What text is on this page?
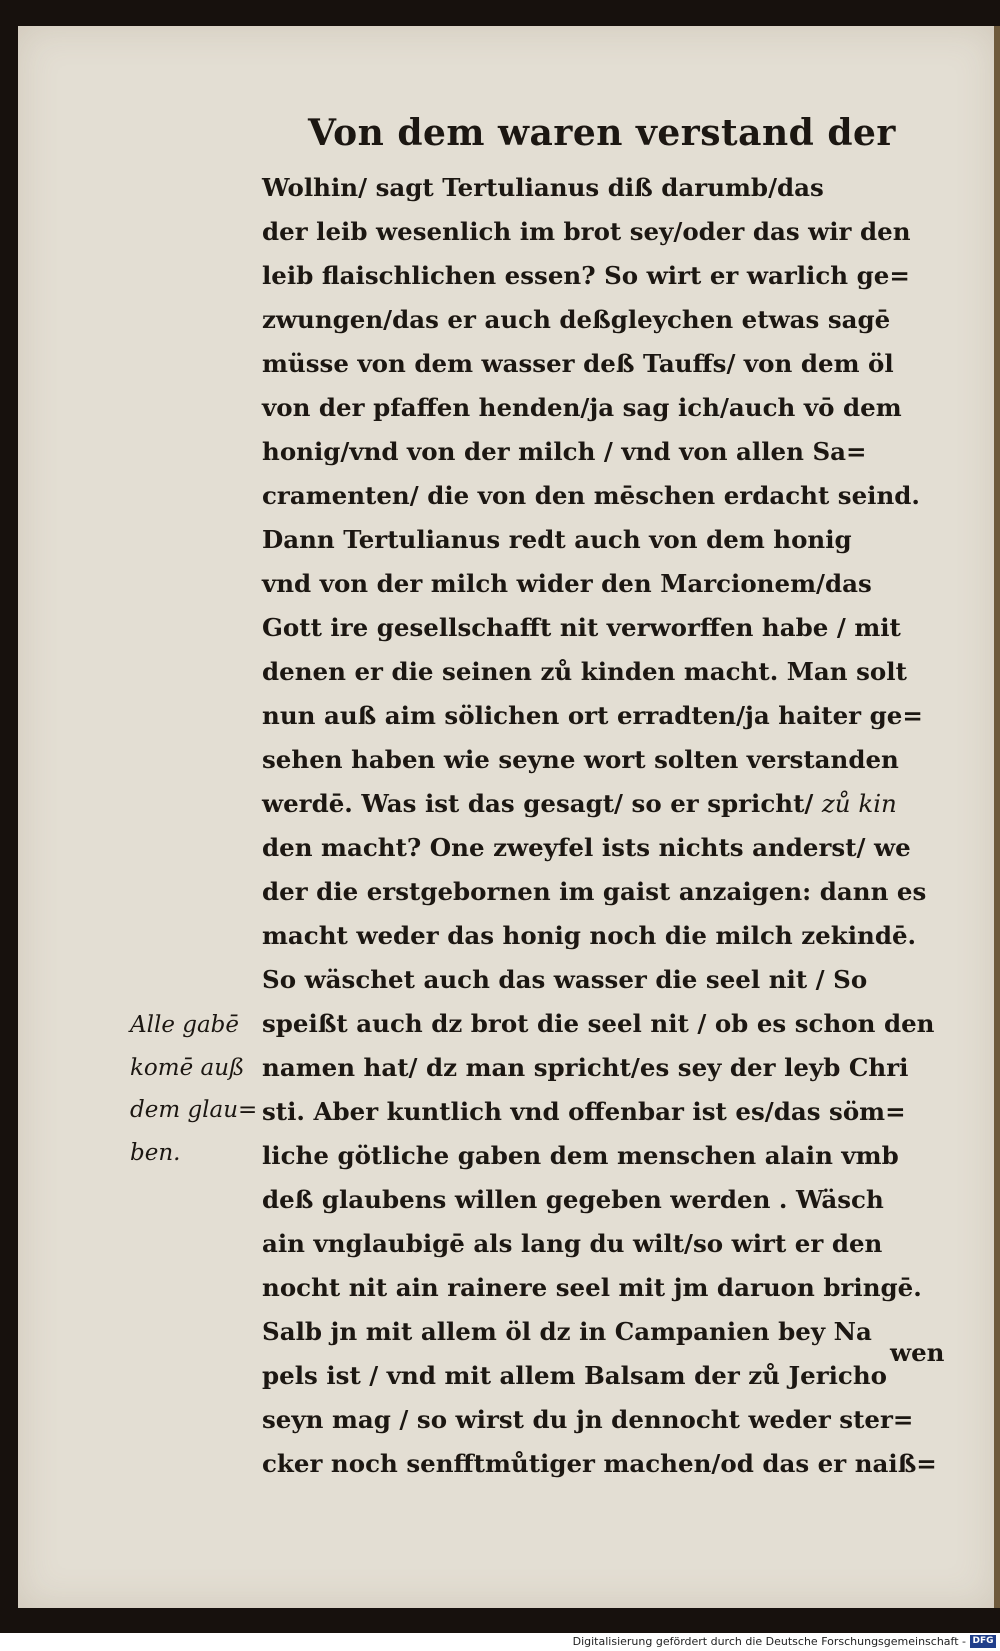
Von dem waren verstand der
Wolhin/ sagt Tertulianus diß darumb/das
der leib wesenlich im brot sey/oder das wir den
leib flaischlichen essen? So wirt er warlich ge=
zwungen/das er auch deßgleychen etwas sagē
müsse von dem wasser deß Tauffs/ von dem öl
von der pfaffen henden/ja sag ich/auch vō dem
honig/vnd von der milch / vnd von allen Sa=
cramenten/ die von den mēschen erdacht seind.
Dann Tertulianus redt auch von dem honig
vnd von der milch wider den Marcionem/das
Gott ire gesellschafft nit verworffen habe / mit
denen er die seinen zů kinden macht. Man solt
nun auß aim sölichen ort erradten/ja haiter ge=
sehen haben wie seyne wort solten verstanden
werdē. Was ist das gesagt/ so er spricht/ zů kin
den macht? One zweyfel ists nichts anderst/ we
der die erstgebornen im gaist anzaigen: dann es
macht weder das honig noch die milch zekindē.
So wäschet auch das wasser die seel nit / So
speißt auch dz brot die seel nit / ob es schon den
namen hat/ dz man spricht/es sey der leyb Chri
sti. Aber kuntlich vnd offenbar ist es/das söm=
liche götliche gaben dem menschen alain vmb
deß glaubens willen gegeben werden . Wäsch
ain vnglaubigē als lang du wilt/so wirt er den
nocht nit ain rainere seel mit jm daruon bringē.
Salb jn mit allem öl dz in Campanien bey Na
pels ist / vnd mit allem Balsam der zů Jericho
seyn mag / so wirst du jn dennocht weder ster=
cker noch senfftmůtiger machen/od das er naiß=
wen
Alle gabē
komē auß
dem glau=
ben.
Digitalisierung gefördert durch die Deutsche Forschungsgemeinschaft - DFG
